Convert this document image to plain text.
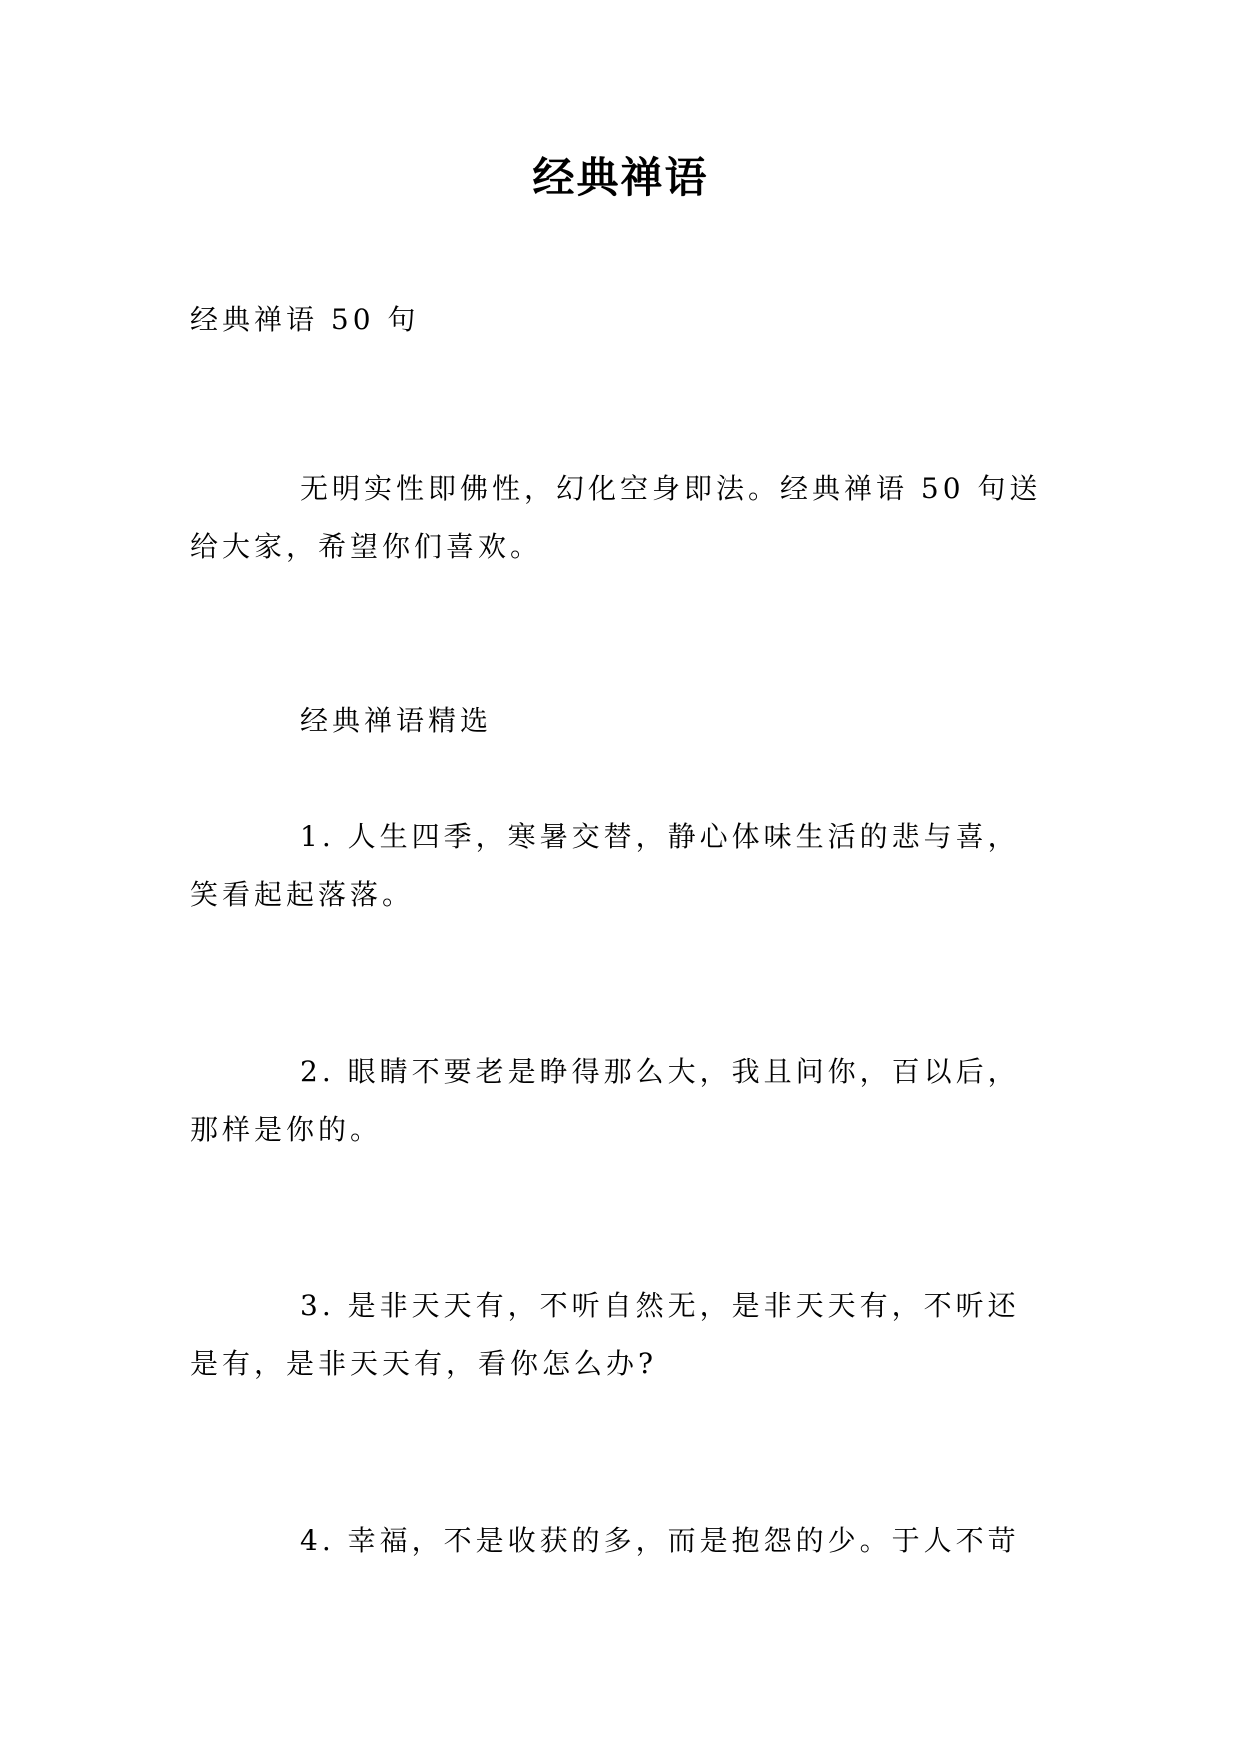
经典禅语
经典禅语 50 句
无明实性即佛性，幻化空身即法。经典禅语 50 句送给大家，希望你们喜欢。
经典禅语精选
1. 人生四季，寒暑交替，静心体味生活的悲与喜，笑看起起落落。
2. 眼睛不要老是睁得那么大，我且问你，百以后，那样是你的。
3. 是非天天有，不听自然无，是非天天有，不听还是有，是非天天有，看你怎么办?
4. 幸福，不是收获的多，而是抱怨的少。于人不苛
